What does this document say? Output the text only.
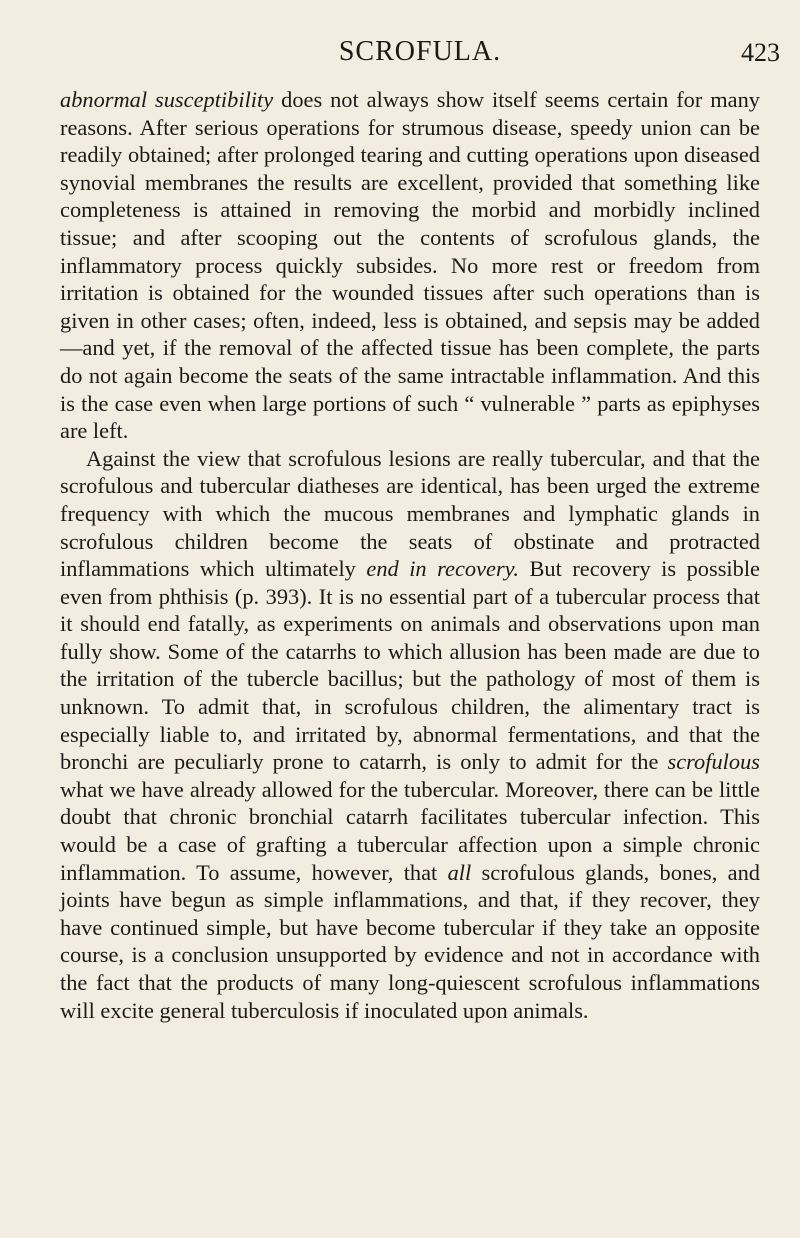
SCROFULA.	423

abnormal susceptibility does not always show itself seems certain for many reasons. After serious operations for strumous disease, speedy union can be readily obtained; after prolonged tearing and cutting operations upon diseased synovial membranes the results are excellent, provided that something like completeness is attained in removing the morbid and morbidly inclined tissue; and after scooping out the contents of scrofulous glands, the inflammatory process quickly subsides. No more rest or freedom from irritation is obtained for the wounded tissues after such operations than is given in other cases; often, indeed, less is obtained, and sepsis may be added—and yet, if the removal of the affected tissue has been complete, the parts do not again become the seats of the same intractable inflammation. And this is the case even when large portions of such “ vulnerable ” parts as epiphyses are left.

Against the view that scrofulous lesions are really tubercular, and that the scrofulous and tubercular diatheses are identical, has been urged the extreme frequency with which the mucous membranes and lymphatic glands in scrofulous children become the seats of obstinate and protracted inflammations which ultimately end in recovery. But recovery is possible even from phthisis (p. 393). It is no essential part of a tubercular process that it should end fatally, as experiments on animals and observations upon man fully show. Some of the catarrhs to which allusion has been made are due to the irritation of the tubercle bacillus; but the pathology of most of them is unknown. To admit that, in scrofulous children, the alimentary tract is especially liable to, and irritated by, abnormal fermentations, and that the bronchi are peculiarly prone to catarrh, is only to admit for the scrofulous what we have already allowed for the tubercular. Moreover, there can be little doubt that chronic bronchial catarrh facilitates tubercular infection. This would be a case of grafting a tubercular affection upon a simple chronic inflammation. To assume, however, that all scrofulous glands, bones, and joints have begun as simple inflammations, and that, if they recover, they have continued simple, but have become tubercular if they take an opposite course, is a conclusion unsupported by evidence and not in accordance with the fact that the products of many long-quiescent scrofulous inflammations will excite general tuberculosis if inoculated upon animals.
